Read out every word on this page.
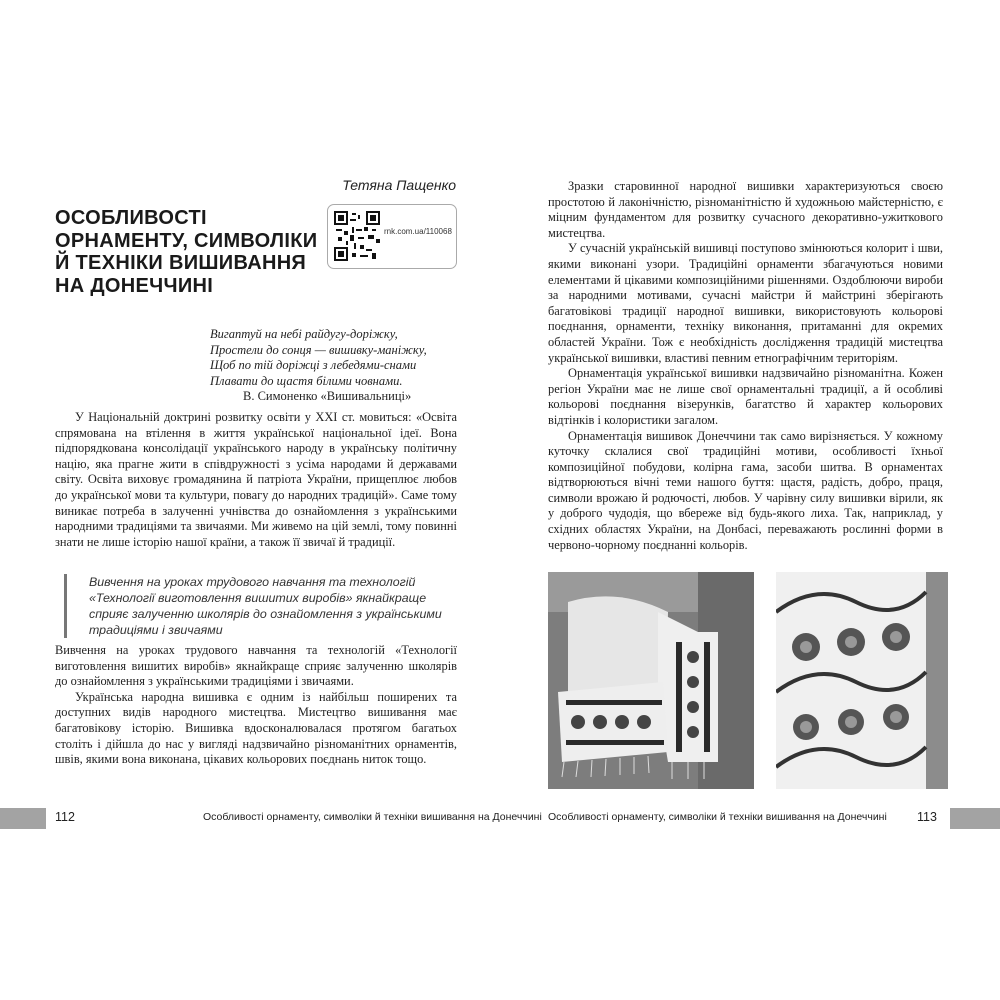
Тетяна Пащенко
ОСОБЛИВОСТІ
ОРНАМЕНТУ, СИМВОЛІКИ
Й ТЕХНІКИ ВИШИВАННЯ
НА ДОНЕЧЧИНІ
rnk.com.ua/110068
Вигаптуй на небі райдугу-доріжку,
Простели до сонця — вишивку-маніжку,
Щоб по тій доріжці з лебедями-снами
Плавати до щастя білими човнами.
В. Симоненко «Вишивальниці»

У Національній доктрині розвитку освіти у XXI ст. мовиться: «Освіта спрямована на втілення в життя української національної ідеї. Вона підпорядкована консолідації українського народу в українську політичну націю, яка прагне жити в співдружності з усіма народами й державами світу. Освіта виховує громадянина й патріота України, прищеплює любов до української мови та культури, повагу до народних традицій». Саме тому виникає потреба в залученні учнівства до ознайомлення з українськими народними традиціями та звичаями. Ми живемо на цій землі, тому повинні знати не лише історію нашої країни, а також її звичаї й традиції.

Вивчення на уроках трудового навчання та технологій «Технології виготовлення вишитих виробів» якнайкраще сприяє залученню школярів до ознайомлення з українськими традиціями і звичаями

Вивчення на уроках трудового навчання та технологій «Технології виготовлення вишитих виробів» якнайкраще сприяє залученню школярів до ознайомлення з українськими традиціями і звичаями.

Українська народна вишивка є одним із найбільш поширених та доступних видів народного мистецтва. Мистецтво вишивання має багатовікову історію. Вишивка вдосконалювалася протягом багатьох століть і дійшла до нас у вигляді надзвичайно різноманітних орнаментів, швів, якими вона виконана, цікавих кольорових поєднань ниток тощо.

Зразки старовинної народної вишивки характеризуються своєю простотою й лаконічністю, різноманітністю й художньою майстерністю, є міцним фундаментом для розвитку сучасного декоративно-ужиткового мистецтва.

У сучасній українській вишивці поступово змінюються колорит і шви, якими виконані узори. Традиційні орнаменти збагачуються новими елементами й цікавими композиційними рішеннями. Оздоблюючи вироби за народними мотивами, сучасні майстри й майстрині зберігають багатовікові традиції народної вишивки, використовують кольорові поєднання, орнаменти, техніку виконання, притаманні для окремих областей України. Тож є необхідність дослідження традицій мистецтва української вишивки, властиві певним етнографічним територіям.

Орнаментація української вишивки надзвичайно різноманітна. Кожен регіон України має не лише свої орнаментальні традиції, а й особливі кольорові поєднання візерунків, багатство й характер кольорових відтінків і колористики загалом.

Орнаментація вишивок Донеччини так само вирізняється. У кожному куточку склалися свої традиційні мотиви, особливості їхньої композиційної побудови, колірна гама, засоби шитва. В орнаментах відтворюються вічні теми нашого буття: щастя, радість, добро, праця, символи врожаю й родючості, любов. У чарівну силу вишивки вірили, як у доброго чудодія, що вбереже від будь-якого лиха. Так, наприклад, у східних областях України, на Донбасі, переважають рослинні форми в червоно-чорному поєднанні кольорів.

112	Особливості орнаменту, символіки й техніки вишивання на Донеччині Особливості орнаменту, символіки й техніки вишивання на Донеччині 113
